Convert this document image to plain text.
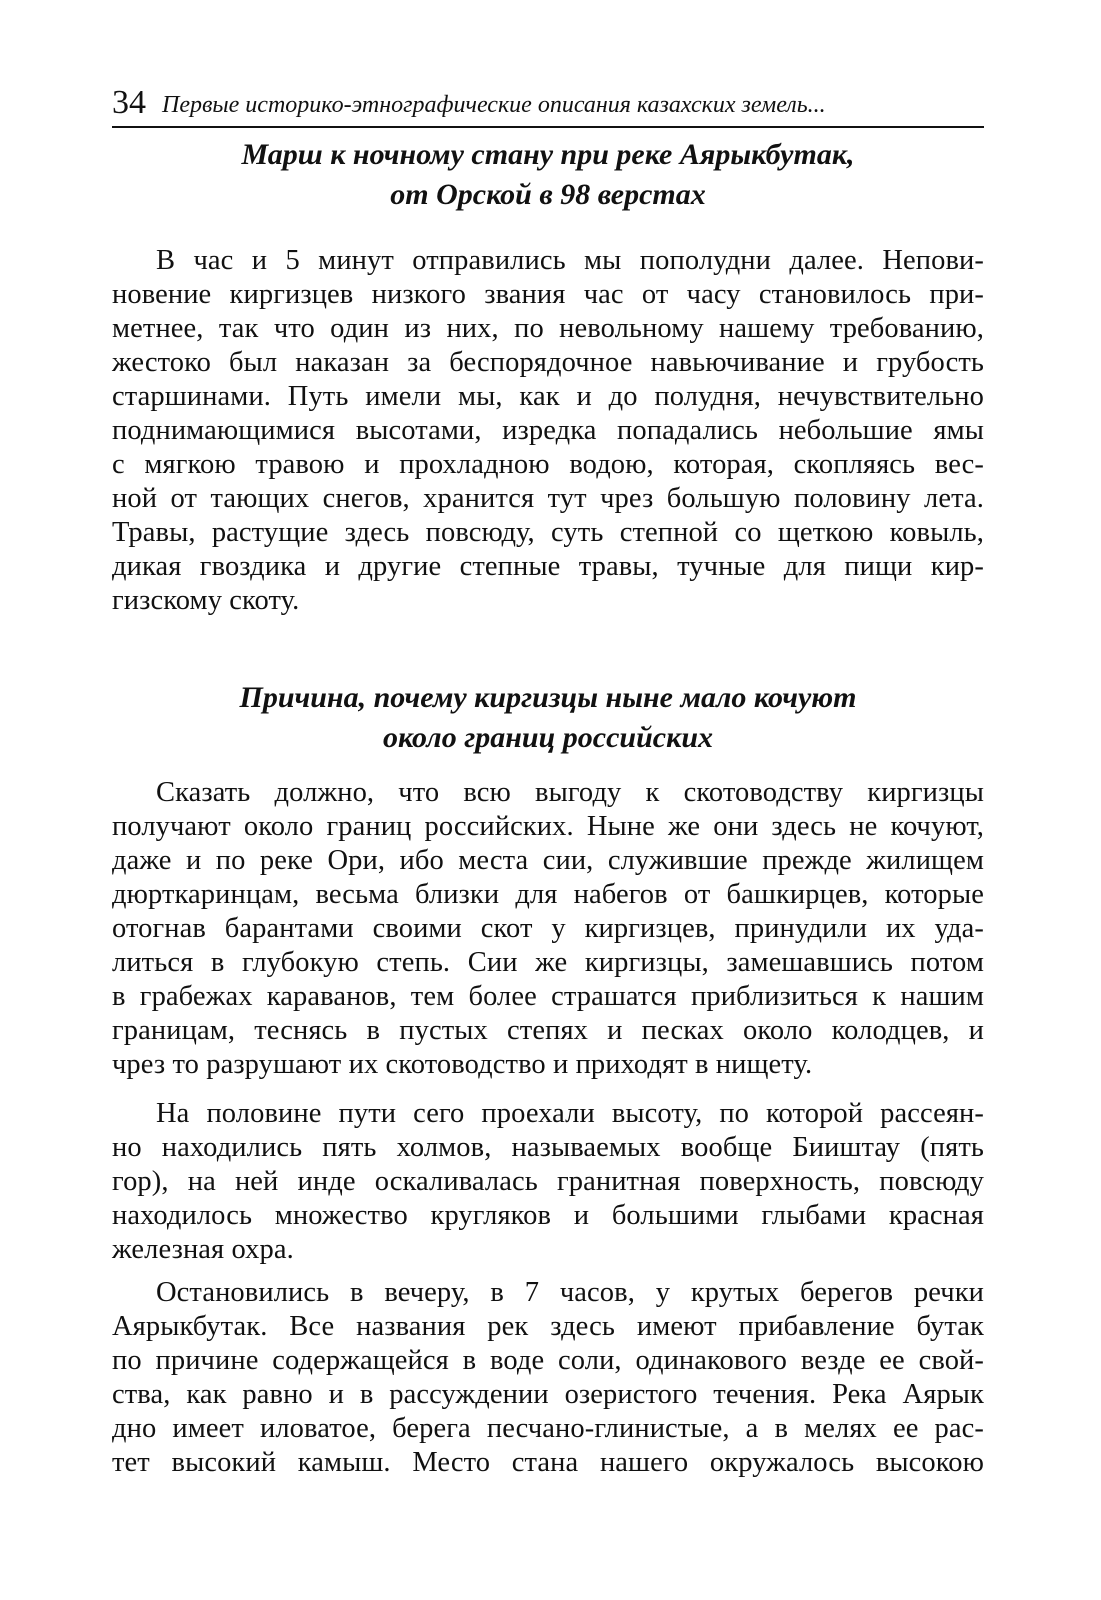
34 Первые историко-этнографические описания казахских земель...
Марш к ночному стану при реке Аярыкбутак,
от Орской в 98 верстах
В час и 5 минут отправились мы пополудни далее. Непови-
новение киргизцев низкого звания час от часу становилось при-
метнее, так что один из них, по невольному нашему требованию,
жестоко был наказан за беспорядочное навьючивание и грубость
старшинами. Путь имели мы, как и до полудня, нечувствительно
поднимающимися высотами, изредка попадались небольшие ямы
с мягкою травою и прохладною водою, которая, скопляясь вес-
ной от тающих снегов, хранится тут чрез большую половину лета.
Травы, растущие здесь повсюду, суть степной со щеткою ковыль,
дикая гвоздика и другие степные травы, тучные для пищи кир-
гизскому скоту.
Причина, почему киргизцы ныне мало кочуют
около границ российских
Сказать должно, что всю выгоду к скотоводству киргизцы
получают около границ российских. Ныне же они здесь не кочуют,
даже и по реке Ори, ибо места сии, служившие прежде жилищем
дюрткаринцам, весьма близки для набегов от башкирцев, которые
отогнав барантами своими скот у киргизцев, принудили их уда-
литься в глубокую степь. Сии же киргизцы, замешавшись потом
в грабежах караванов, тем более страшатся приблизиться к нашим
границам, теснясь в пустых степях и песках около колодцев, и
чрез то разрушают их скотоводство и приходят в нищету.
На половине пути сего проехали высоту, по которой рассеян-
но находились пять холмов, называемых вообще Бииштау (пять
гор), на ней инде оскаливалась гранитная поверхность, повсюду
находилось множество кругляков и большими глыбами красная
железная охра.
Остановились в вечеру, в 7 часов, у крутых берегов речки
Аярыкбутак. Все названия рек здесь имеют прибавление бутак
по причине содержащейся в воде соли, одинакового везде ее свой-
ства, как равно и в рассуждении озеристого течения. Река Аярык
дно имеет иловатое, берега песчано-глинистые, а в мелях ее рас-
тет высокий камыш. Место стана нашего окружалось высокою
